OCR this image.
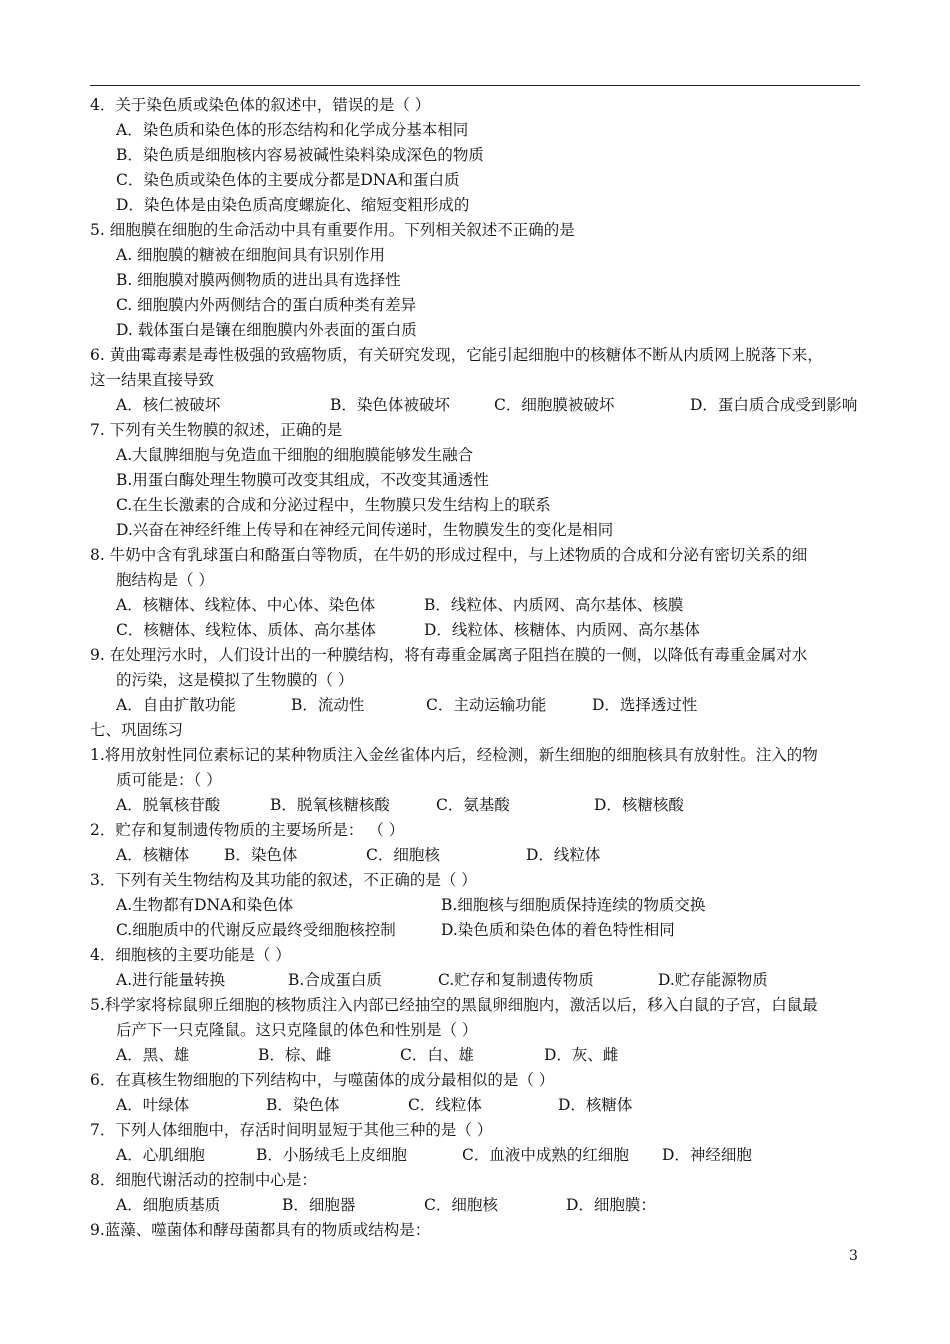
4．关于染色质或染色体的叙述中，错误的是（ ）
A．染色质和染色体的形态结构和化学成分基本相同
B．染色质是细胞核内容易被碱性染料染成深色的物质
C．染色质或染色体的主要成分都是DNA和蛋白质
D．染色体是由染色质高度螺旋化、缩短变粗形成的
5. 细胞膜在细胞的生命活动中具有重要作用。下列相关叙述不正确的是
A. 细胞膜的糖被在细胞间具有识别作用
B. 细胞膜对膜两侧物质的进出具有选择性
C. 细胞膜内外两侧结合的蛋白质种类有差异
D. 载体蛋白是镶在细胞膜内外表面的蛋白质
6. 黄曲霉毒素是毒性极强的致癌物质，有关研究发现，它能引起细胞中的核糖体不断从内质网上脱落下来，
这一结果直接导致
A．核仁被破坏	B．染色体被破坏	C．细胞膜被破坏	D．蛋白质合成受到影响
7. 下列有关生物膜的叙述，正确的是
A.大鼠脾细胞与免造血干细胞的细胞膜能够发生融合
B.用蛋白酶处理生物膜可改变其组成，不改变其通透性
C.在生长激素的合成和分泌过程中，生物膜只发生结构上的联系
D.兴奋在神经纤维上传导和在神经元间传递时，生物膜发生的变化是相同
8. 牛奶中含有乳球蛋白和酪蛋白等物质，在牛奶的形成过程中，与上述物质的合成和分泌有密切关系的细
胞结构是（ ）
A．核糖体、线粒体、中心体、染色体	B．线粒体、内质网、高尔基体、核膜
C．核糖体、线粒体、质体、高尔基体	D．线粒体、核糖体、内质网、高尔基体
9. 在处理污水时，人们设计出的一种膜结构，将有毒重金属离子阻挡在膜的一侧，以降低有毒重金属对水
的污染，这是模拟了生物膜的（ ）
A．自由扩散功能	B．流动性	C．主动运输功能	D．选择透过性
七、巩固练习
1.将用放射性同位素标记的某种物质注入金丝雀体内后，经检测，新生细胞的细胞核具有放射性。注入的物
质可能是：（ ）
A．脱氧核苷酸	B．脱氧核糖核酸	C．氨基酸	D．核糖核酸
2．贮存和复制遗传物质的主要场所是： （ ）
A．核糖体	B．染色体	C．细胞核	D．线粒体
3．下列有关生物结构及其功能的叙述，不正确的是（ ）
A.生物都有DNA和染色体	B.细胞核与细胞质保持连续的物质交换
C.细胞质中的代谢反应最终受细胞核控制	D.染色质和染色体的着色特性相同
4．细胞核的主要功能是（ ）
A.进行能量转换	B.合成蛋白质	C.贮存和复制遗传物质	D.贮存能源物质
5.科学家将棕鼠卵丘细胞的核物质注入内部已经抽空的黑鼠卵细胞内，激活以后，移入白鼠的子宫，白鼠最
后产下一只克隆鼠。这只克隆鼠的体色和性别是（ ）
A．黑、雄	B．棕、雌	C．白、雄	D．灰、雌
6．在真核生物细胞的下列结构中，与噬菌体的成分最相似的是（ ）
A．叶绿体	B．染色体	C．线粒体	D．核糖体
7．下列人体细胞中，存活时间明显短于其他三种的是（ ）
A．心肌细胞	B．小肠绒毛上皮细胞	C．血液中成熟的红细胞	D．神经细胞
8．细胞代谢活动的控制中心是：
A．细胞质基质	B．细胞器	C．细胞核	D．细胞膜：
9.蓝藻、噬菌体和酵母菌都具有的物质或结构是：
3
